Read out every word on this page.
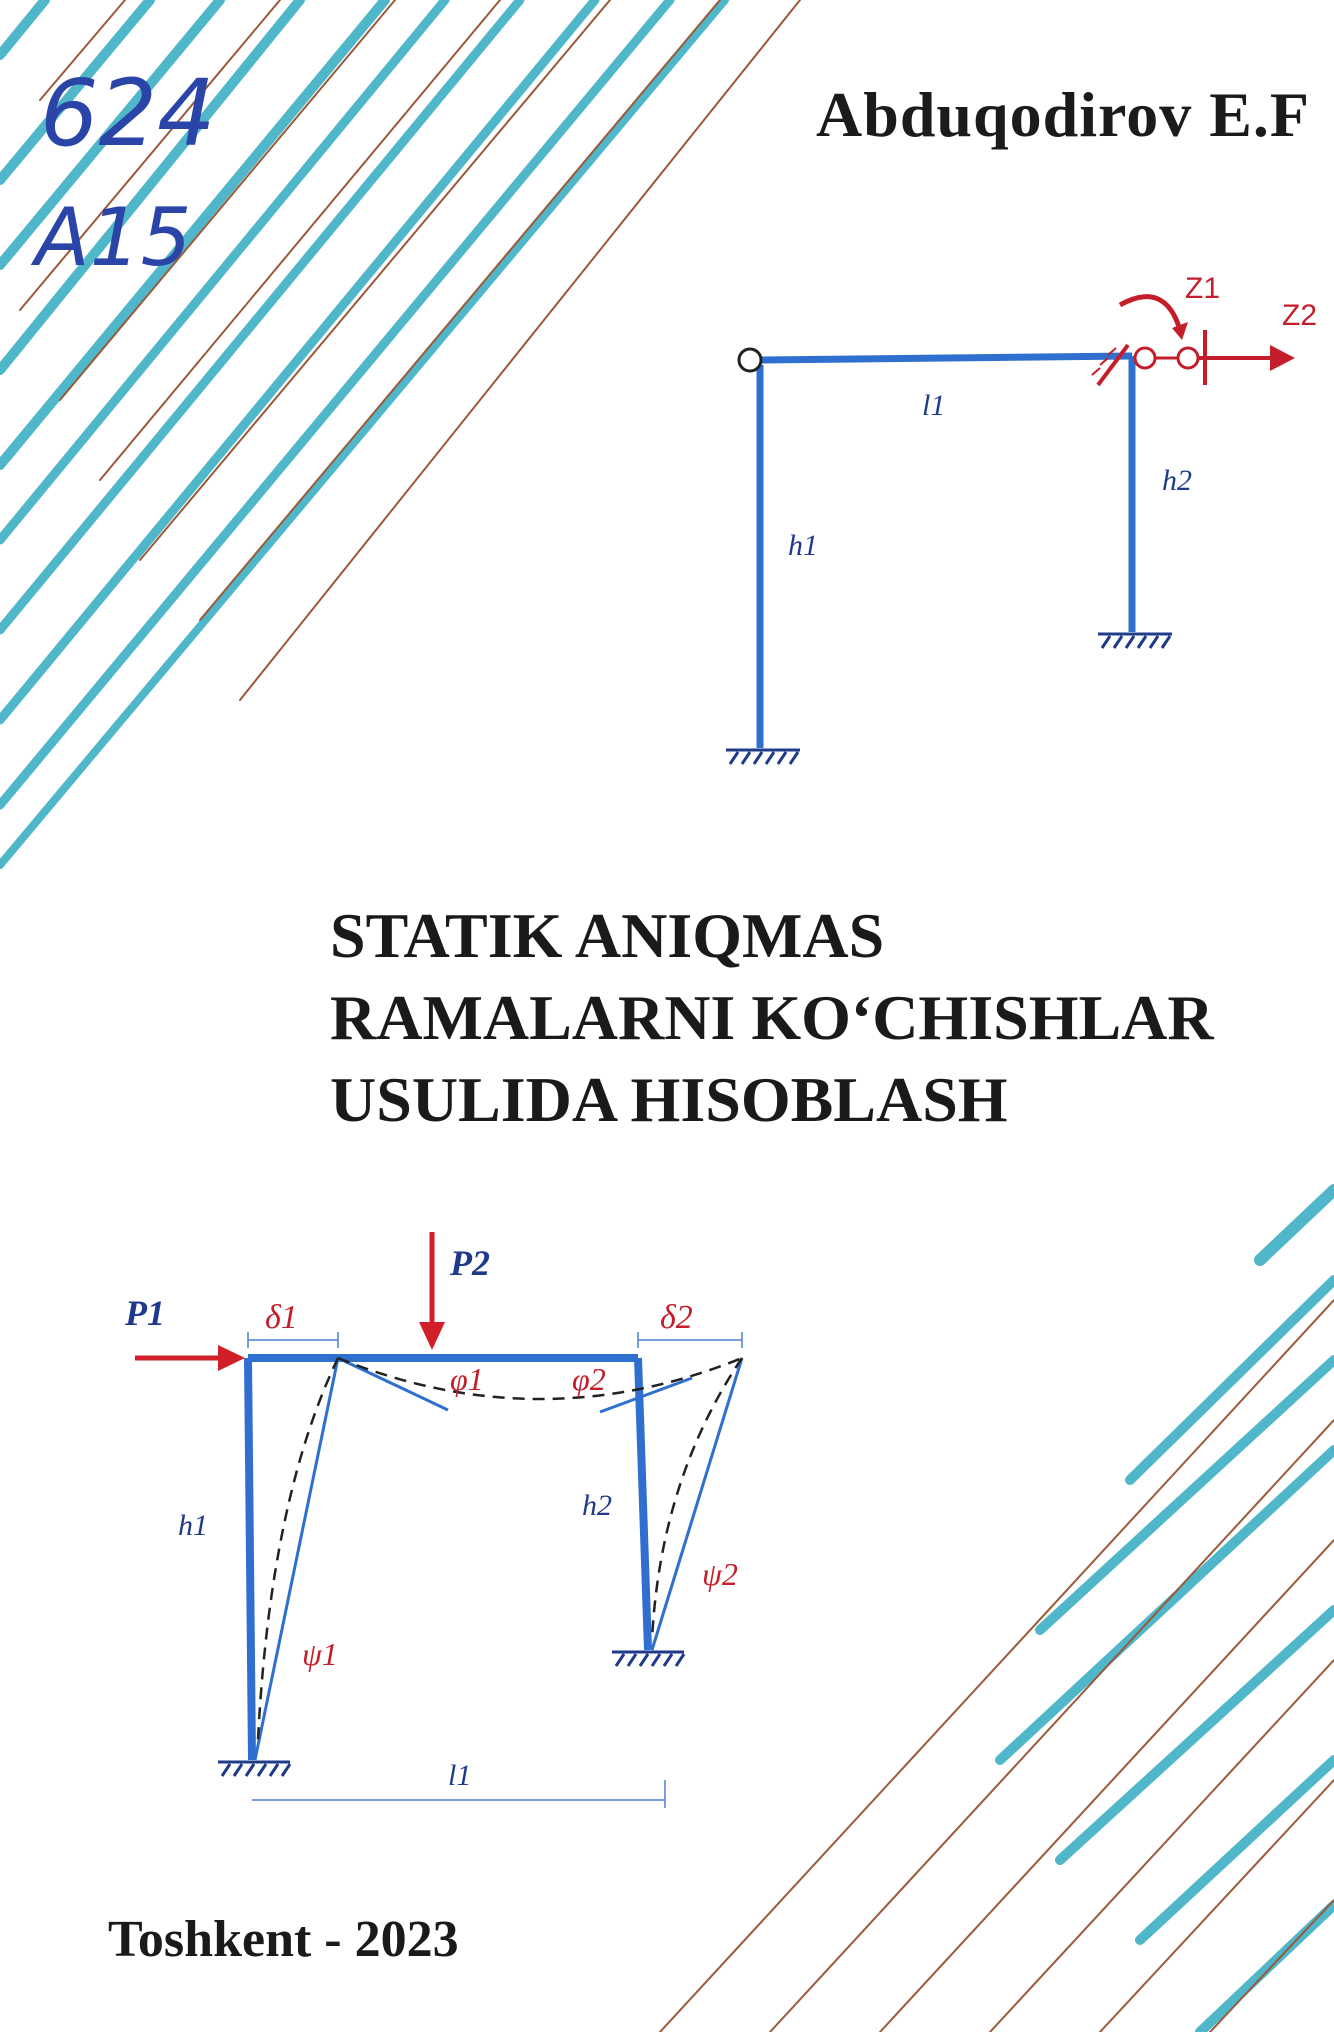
624
A15
l1
h1
h2
Z1
Z2
P1
P2
δ1	δ2
φ1	φ2
ψ1
ψ2
h1
h2
l1
Abduqodirov E.F
STATIK ANIQMAS
RAMALARNI KO‘CHISHLAR
USULIDA HISOBLASH
Toshkent - 2023
